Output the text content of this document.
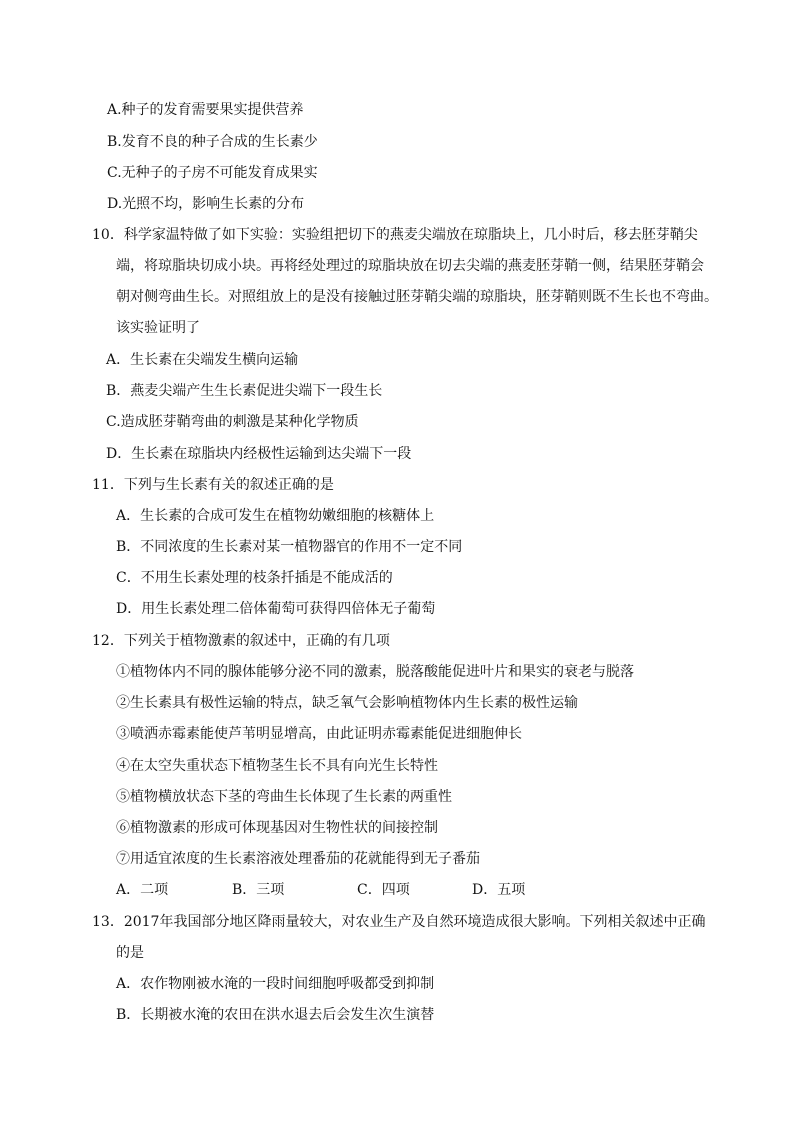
A.种子的发育需要果实提供营养
B.发育不良的种子合成的生长素少
C.无种子的子房不可能发育成果实
D.光照不均，影响生长素的分布
10．科学家温特做了如下实验：实验组把切下的燕麦尖端放在琼脂块上，几小时后，移去胚芽鞘尖
端，将琼脂块切成小块。再将经处理过的琼脂块放在切去尖端的燕麦胚芽鞘一侧，结果胚芽鞘会
朝对侧弯曲生长。对照组放上的是没有接触过胚芽鞘尖端的琼脂块，胚芽鞘则既不生长也不弯曲。
该实验证明了
A．生长素在尖端发生横向运输
B．燕麦尖端产生生长素促进尖端下一段生长
C.造成胚芽鞘弯曲的刺激是某种化学物质
D．生长素在琼脂块内经极性运输到达尖端下一段
11．下列与生长素有关的叙述正确的是
A．生长素的合成可发生在植物幼嫩细胞的核糖体上
B．不同浓度的生长素对某一植物器官的作用不一定不同
C．不用生长素处理的枝条扦插是不能成活的
D．用生长素处理二倍体葡萄可获得四倍体无子葡萄
12．下列关于植物激素的叙述中，正确的有几项
①植物体内不同的腺体能够分泌不同的激素，脱落酸能促进叶片和果实的衰老与脱落
②生长素具有极性运输的特点，缺乏氧气会影响植物体内生长素的极性运输
③喷洒赤霉素能使芦苇明显增高，由此证明赤霉素能促进细胞伸长
④在太空失重状态下植物茎生长不具有向光生长特性
⑤植物横放状态下茎的弯曲生长体现了生长素的两重性
⑥植物激素的形成可体现基因对生物性状的间接控制
⑦用适宜浓度的生长素溶液处理番茄的花就能得到无子番茄
A．二项	B．三项	C．四项	D．五项
13．2017年我国部分地区降雨量较大，对农业生产及自然环境造成很大影响。下列相关叙述中正确
的是
A．农作物刚被水淹的一段时间细胞呼吸都受到抑制
B．长期被水淹的农田在洪水退去后会发生次生演替
